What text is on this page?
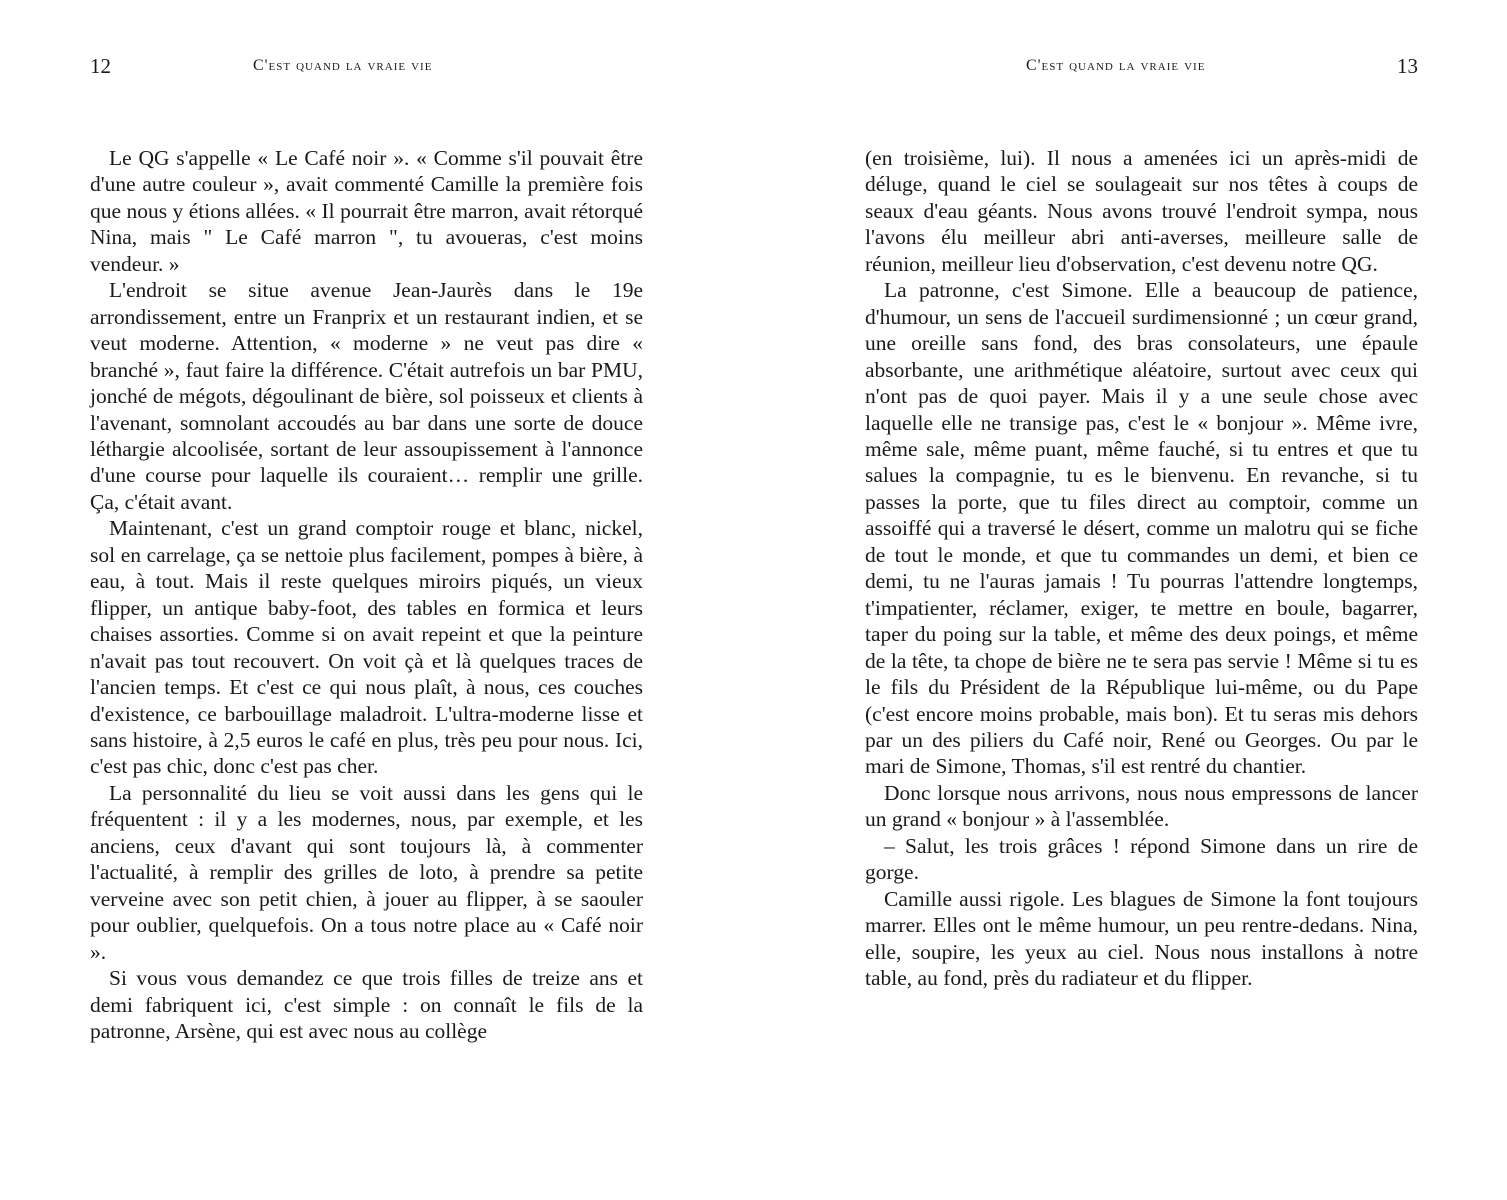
12	C'est quand la vraie vie

Le QG s'appelle « Le Café noir ». « Comme s'il pouvait être d'une autre couleur », avait commenté Camille la première fois que nous y étions allées. « Il pourrait être marron, avait rétorqué Nina, mais " Le Café marron ", tu avoueras, c'est moins vendeur. »

L'endroit se situe avenue Jean-Jaurès dans le 19e arrondissement, entre un Franprix et un restaurant indien, et se veut moderne. Attention, « moderne » ne veut pas dire « branché », faut faire la différence. C'était autrefois un bar PMU, jonché de mégots, dégoulinant de bière, sol poisseux et clients à l'avenant, somnolant accoudés au bar dans une sorte de douce léthargie alcoolisée, sortant de leur assoupissement à l'annonce d'une course pour laquelle ils couraient… remplir une grille. Ça, c'était avant.

Maintenant, c'est un grand comptoir rouge et blanc, nickel, sol en carrelage, ça se nettoie plus facilement, pompes à bière, à eau, à tout. Mais il reste quelques miroirs piqués, un vieux flipper, un antique baby-foot, des tables en formica et leurs chaises assorties. Comme si on avait repeint et que la peinture n'avait pas tout recouvert. On voit çà et là quelques traces de l'ancien temps. Et c'est ce qui nous plaît, à nous, ces couches d'existence, ce barbouillage maladroit. L'ultra-moderne lisse et sans histoire, à 2,5 euros le café en plus, très peu pour nous. Ici, c'est pas chic, donc c'est pas cher.

La personnalité du lieu se voit aussi dans les gens qui le fréquentent : il y a les modernes, nous, par exemple, et les anciens, ceux d'avant qui sont toujours là, à commenter l'actualité, à remplir des grilles de loto, à prendre sa petite verveine avec son petit chien, à jouer au flipper, à se saouler pour oublier, quelquefois. On a tous notre place au « Café noir ».

Si vous vous demandez ce que trois filles de treize ans et demi fabriquent ici, c'est simple : on connaît le fils de la patronne, Arsène, qui est avec nous au collège

C'est quand la vraie vie	13

(en troisième, lui). Il nous a amenées ici un après-midi de déluge, quand le ciel se soulageait sur nos têtes à coups de seaux d'eau géants. Nous avons trouvé l'endroit sympa, nous l'avons élu meilleur abri anti-averses, meilleure salle de réunion, meilleur lieu d'observation, c'est devenu notre QG.

La patronne, c'est Simone. Elle a beaucoup de patience, d'humour, un sens de l'accueil surdimensionné ; un cœur grand, une oreille sans fond, des bras consolateurs, une épaule absorbante, une arithmétique aléatoire, surtout avec ceux qui n'ont pas de quoi payer. Mais il y a une seule chose avec laquelle elle ne transige pas, c'est le « bonjour ». Même ivre, même sale, même puant, même fauché, si tu entres et que tu salues la compagnie, tu es le bienvenu. En revanche, si tu passes la porte, que tu files direct au comptoir, comme un assoiffé qui a traversé le désert, comme un malotru qui se fiche de tout le monde, et que tu commandes un demi, et bien ce demi, tu ne l'auras jamais ! Tu pourras l'attendre longtemps, t'impatienter, réclamer, exiger, te mettre en boule, bagarrer, taper du poing sur la table, et même des deux poings, et même de la tête, ta chope de bière ne te sera pas servie ! Même si tu es le fils du Président de la République lui-même, ou du Pape (c'est encore moins probable, mais bon). Et tu seras mis dehors par un des piliers du Café noir, René ou Georges. Ou par le mari de Simone, Thomas, s'il est rentré du chantier.

Donc lorsque nous arrivons, nous nous empressons de lancer un grand « bonjour » à l'assemblée.

– Salut, les trois grâces ! répond Simone dans un rire de gorge.

Camille aussi rigole. Les blagues de Simone la font toujours marrer. Elles ont le même humour, un peu rentre-dedans. Nina, elle, soupire, les yeux au ciel. Nous nous installons à notre table, au fond, près du radiateur et du flipper.
